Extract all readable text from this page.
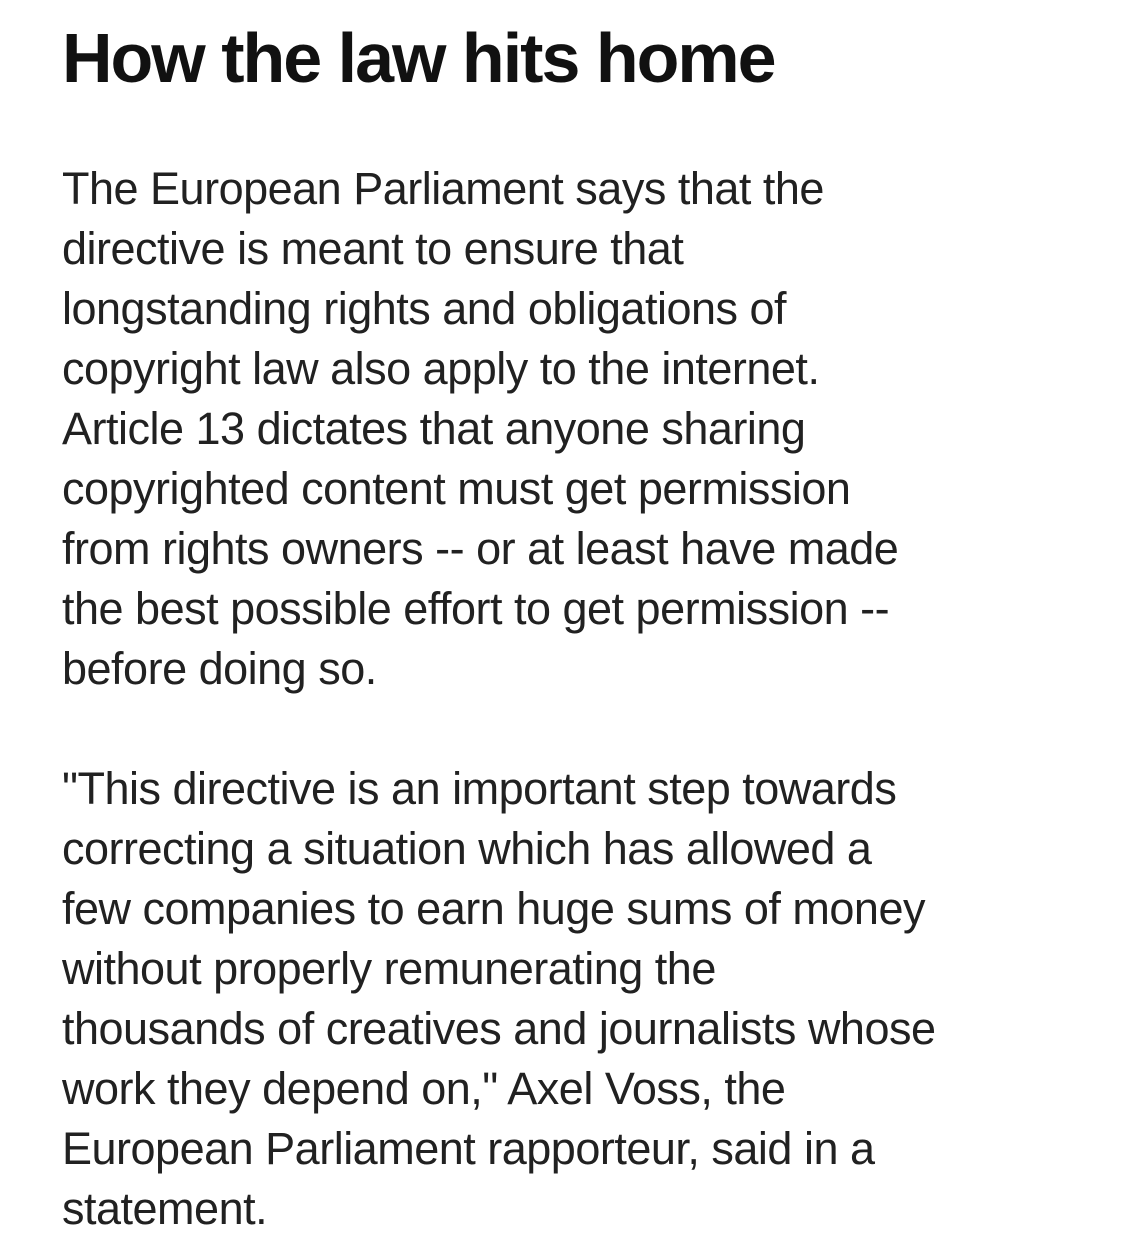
How the law hits home
The European Parliament says that the
directive is meant to ensure that
longstanding rights and obligations of
copyright law also apply to the internet.
Article 13 dictates that anyone sharing
copyrighted content must get permission
from rights owners -- or at least have made
the best possible effort to get permission --
before doing so.
"This directive is an important step towards
correcting a situation which has allowed a
few companies to earn huge sums of money
without properly remunerating the
thousands of creatives and journalists whose
work they depend on," Axel Voss, the
European Parliament rapporteur, said in a
statement.
